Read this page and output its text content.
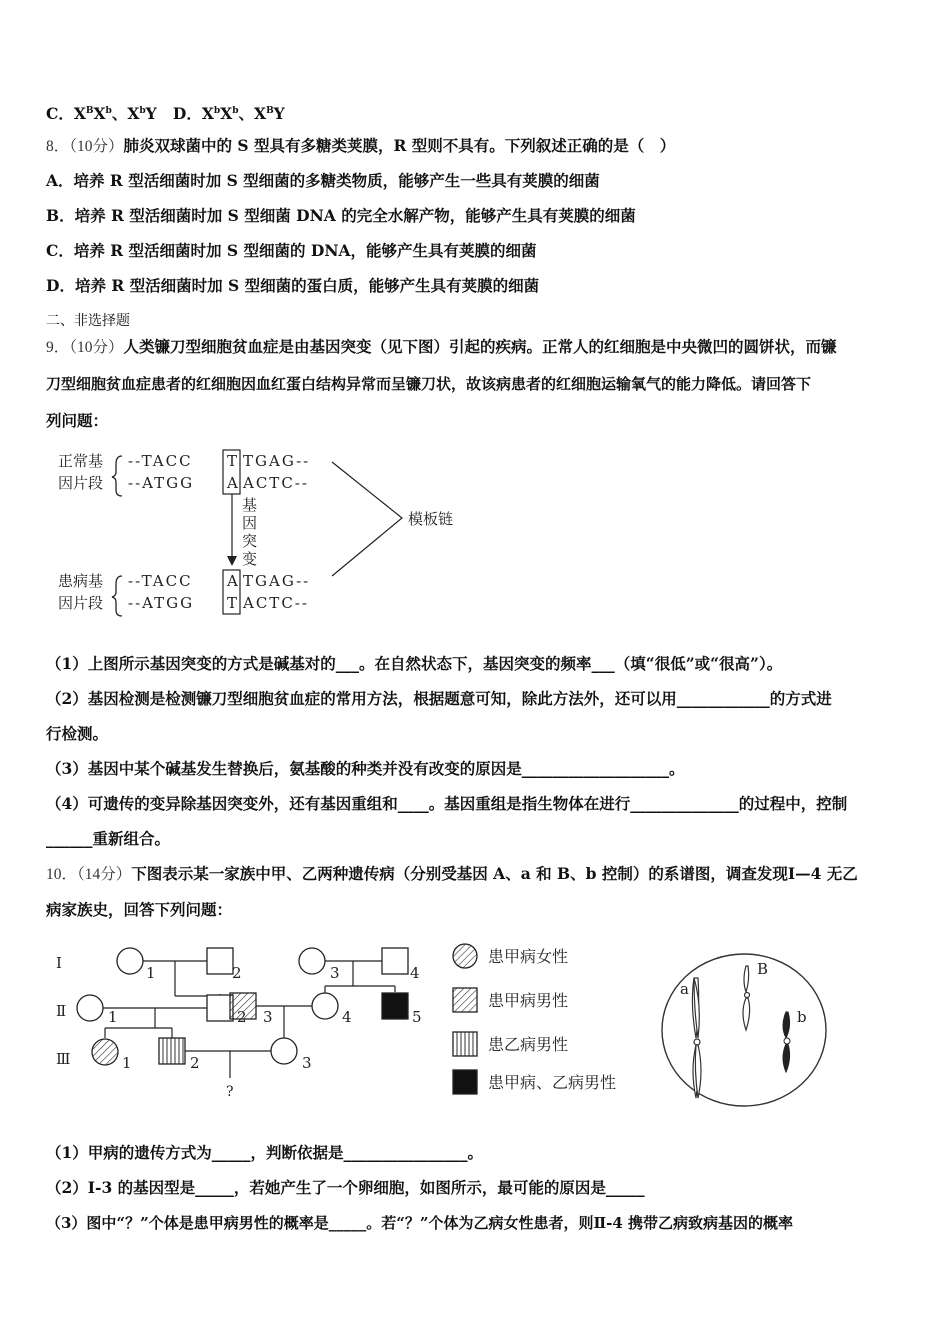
C．$X^BX^b$、$X^bY$ D．$X^bX^b$、$X^BY$
8．（10分）肺炎双球菌中的 S 型具有多糖类荚膜，R 型则不具有。下列叙述正确的是（　）
A．培养 R 型活细菌时加 S 型细菌的多糖类物质，能够产生一些具有荚膜的细菌
B．培养 R 型活细菌时加 S 型细菌 DNA 的完全水解产物，能够产生具有荚膜的细菌
C．培养 R 型活细菌时加 S 型细菌的 DNA，能够产生具有荚膜的细菌
D．培养 R 型活细菌时加 S 型细菌的蛋白质，能够产生具有荚膜的细菌
二、非选择题
9．（10分）人类镰刀型细胞贫血症是由基因突变（见下图）引起的疾病。正常人的红细胞是中央微凹的圆饼状，而镰
刀型细胞贫血症患者的红细胞因血红蛋白结构异常而呈镰刀状，故该病患者的红细胞运输氧气的能力降低。请回答下
列问题：
正常基
因片段
--TACC T TGAG--
--ATGG A ACTC--
基
因
突
变
模板链
患病基
因片段
--TACC A TGAG--
--ATGG T ACTC--
（1）上图所示基因突变的方式是碱基对的___。在自然状态下，基因突变的频率___（填“很低”或“很高”）。
（2）基因检测是检测镰刀型细胞贫血症的常用方法，根据题意可知，除此方法外，还可以用____________的方式进
行检测。
（3）基因中某个碱基发生替换后，氨基酸的种类并没有改变的原因是___________________。
（4）可遗传的变异除基因突变外，还有基因重组和____。基因重组是指生物体在进行______________的过程中，控制
______重新组合。
10．（14分）下图表示某一家族中甲、乙两种遗传病（分别受基因 A、a 和 B、b 控制）的系谱图，调查发现Ⅰ—4 无乙
病家族史，回答下列问题：
Ⅰ
Ⅱ
Ⅲ
1	2	3	4
1	3	4	5
1	2	3
?
患甲病女性
患甲病男性
患乙病男性
患甲病、乙病男性
a
B
b
（1）甲病的遗传方式为_____，判断依据是________________。
（2）Ⅰ-3 的基因型是_____，若她产生了一个卵细胞，如图所示，最可能的原因是_____
（3）图中“？”个体是患甲病男性的概率是_____。若“？”个体为乙病女性患者，则Ⅱ-4 携带乙病致病基因的概率
